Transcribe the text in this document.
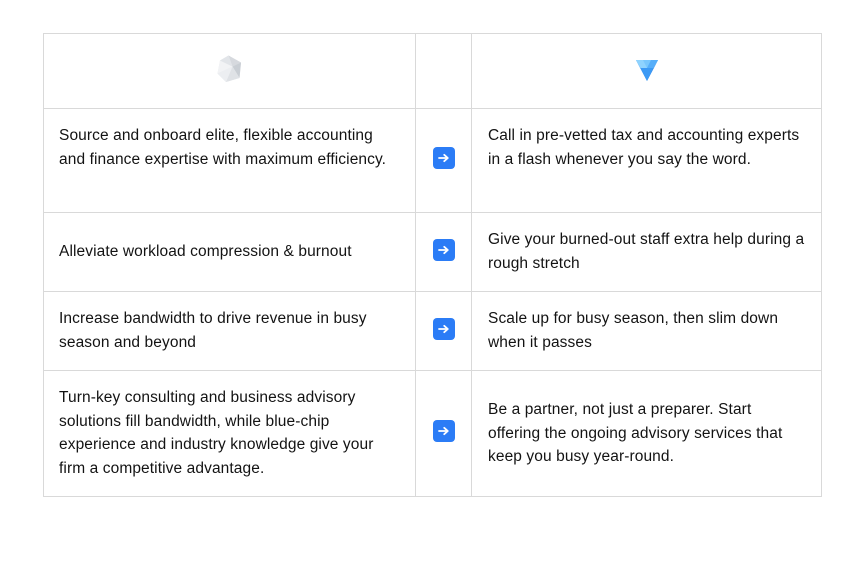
Source and onboard elite, flexible accounting and finance expertise with maximum efficiency.		Call in pre-vetted tax and accounting experts in a flash whenever you say the word.

Alleviate workload compression & burnout		Give your burned-out staff extra help during a rough stretch

Increase bandwidth to drive revenue in busy season and beyond		Scale up for busy season, then slim down when it passes

Turn-key consulting and business advisory solutions fill bandwidth, while blue-chip experience and industry knowledge give your firm a competitive advantage.		Be a partner, not just a preparer. Start offering the ongoing advisory services that keep you busy year-round.
